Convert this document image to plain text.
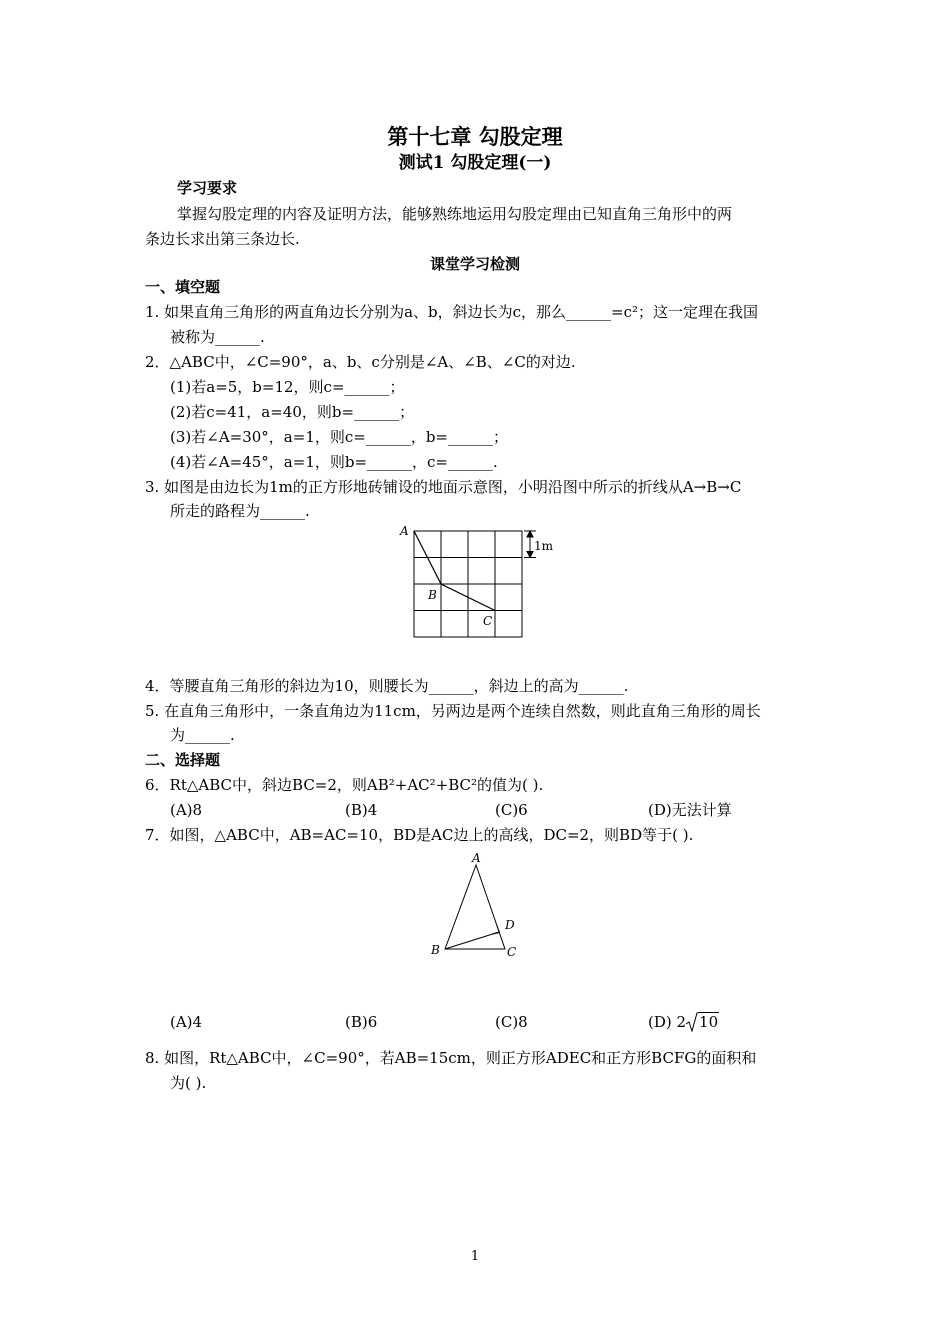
第十七章 勾股定理
测试1 勾股定理(一)
学习要求
掌握勾股定理的内容及证明方法，能够熟练地运用勾股定理由已知直角三角形中的两
条边长求出第三条边长.
课堂学习检测
一、填空题
1. 如果直角三角形的两直角边长分别为a、b，斜边长为c，那么______=c²；这一定理在我国
被称为______.
2．△ABC中，∠C=90°，a、b、c分别是∠A、∠B、∠C的对边.
(1)若a=5，b=12，则c=______；
(2)若c=41，a=40，则b=______；
(3)若∠A=30°，a=1，则c=______，b=______；
(4)若∠A=45°，a=1，则b=______，c=______.
3. 如图是由边长为1m的正方形地砖铺设的地面示意图，小明沿图中所示的折线从A→B→C
所走的路程为______.
A
B
C
1m
4．等腰直角三角形的斜边为10，则腰长为______，斜边上的高为______.
5. 在直角三角形中，一条直角边为11cm，另两边是两个连续自然数，则此直角三角形的周长
为______.
二、选择题
6．Rt△ABC中，斜边BC=2，则AB²+AC²+BC²的值为( ).
(A)8	(B)4	(C)6	(D)无法计算
7．如图，△ABC中，AB=AC=10，BD是AC边上的高线，DC=2，则BD等于( ).
A
B	C
D
(A)4	(B)6	(C)8	(D) 2 10
8. 如图，Rt△ABC中，∠C=90°，若AB=15cm，则正方形ADEC和正方形BCFG的面积和
为( ).
1
